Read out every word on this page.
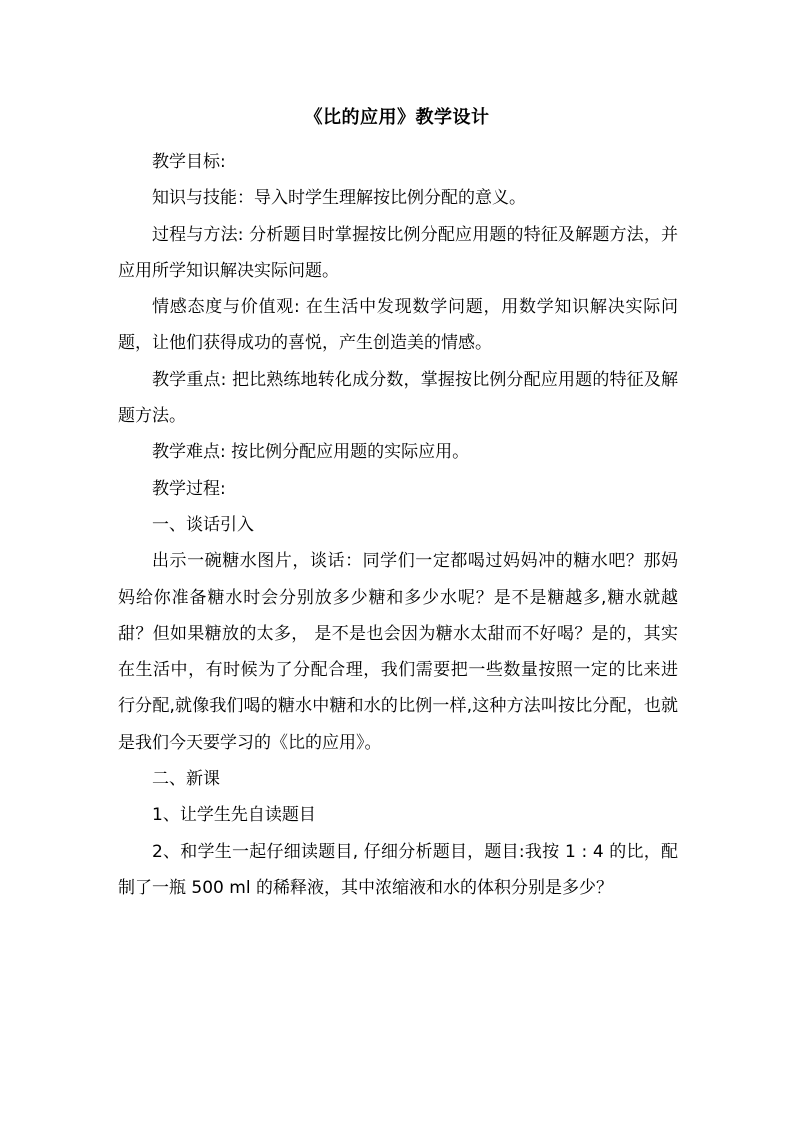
《比的应用》教学设计

教学目标:

知识与技能：导入时学生理解按比例分配的意义。

过程与方法: 分析题目时掌握按比例分配应用题的特征及解题方法，并应用所学知识解决实际问题。

情感态度与价值观: 在生活中发现数学问题，用数学知识解决实际问题，让他们获得成功的喜悦，产生创造美的情感。

教学重点: 把比熟练地转化成分数，掌握按比例分配应用题的特征及解题方法。

教学难点: 按比例分配应用题的实际应用。

教学过程:

一、谈话引入

出示一碗糖水图片，谈话：同学们一定都喝过妈妈冲的糖水吧？那妈妈给你准备糖水时会分别放多少糖和多少水呢？是不是糖越多,糖水就越甜？但如果糖放的太多， 是不是也会因为糖水太甜而不好喝？是的，其实在生活中，有时候为了分配合理，我们需要把一些数量按照一定的比来进行分配,就像我们喝的糖水中糖和水的比例一样,这种方法叫按比分配，也就是我们今天要学习的《比的应用》。

二、新课

1、让学生先自读题目

2、和学生一起仔细读题目, 仔细分析题目，题目:我按 1 : 4 的比，配制了一瓶 500 ml 的稀释液，其中浓缩液和水的体积分别是多少？
